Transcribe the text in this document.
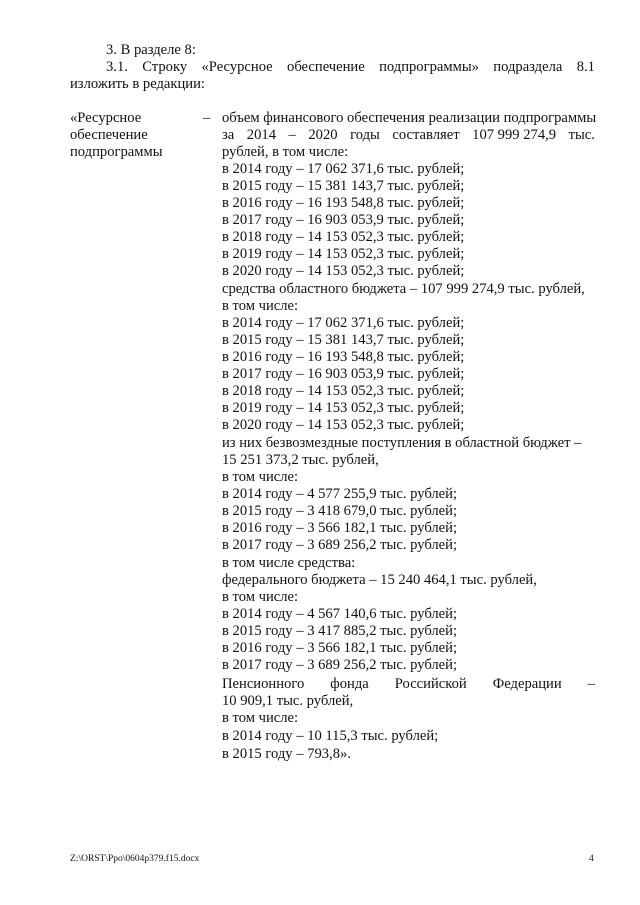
3. В разделе 8:
3.1. Строку «Ресурсное обеспечение подпрограммы» подраздела 8.1
изложить в редакции:
«Ресурсное
обеспечение
подпрограммы
– объем финансового обеспечения реализации подпрограммы
за 2014 – 2020 годы составляет 107 999 274,9 тыс.
рублей, в том числе:
в 2014 году – 17 062 371,6 тыс. рублей;
в 2015 году – 15 381 143,7 тыс. рублей;
в 2016 году – 16 193 548,8 тыс. рублей;
в 2017 году – 16 903 053,9 тыс. рублей;
в 2018 году – 14 153 052,3 тыс. рублей;
в 2019 году – 14 153 052,3 тыс. рублей;
в 2020 году – 14 153 052,3 тыс. рублей;
средства областного бюджета – 107 999 274,9 тыс. рублей,
в том числе:
в 2014 году – 17 062 371,6 тыс. рублей;
в 2015 году – 15 381 143,7 тыс. рублей;
в 2016 году – 16 193 548,8 тыс. рублей;
в 2017 году – 16 903 053,9 тыс. рублей;
в 2018 году – 14 153 052,3 тыс. рублей;
в 2019 году – 14 153 052,3 тыс. рублей;
в 2020 году – 14 153 052,3 тыс. рублей;
из них безвозмездные поступления в областной бюджет –
15 251 373,2 тыс. рублей,
в том числе:
в 2014 году – 4 577 255,9 тыс. рублей;
в 2015 году – 3 418 679,0 тыс. рублей;
в 2016 году – 3 566 182,1 тыс. рублей;
в 2017 году – 3 689 256,2 тыс. рублей;
в том числе средства:
федерального бюджета – 15 240 464,1 тыс. рублей,
в том числе:
в 2014 году – 4 567 140,6 тыс. рублей;
в 2015 году – 3 417 885,2 тыс. рублей;
в 2016 году – 3 566 182,1 тыс. рублей;
в 2017 году – 3 689 256,2 тыс. рублей;
Пенсионного фонда Российской Федерации –
10 909,1 тыс. рублей,
в том числе:
в 2014 году – 10 115,3 тыс. рублей;
в 2015 году – 793,8».
Z:\ORST\Ppo\0604p379.f15.docx	4
